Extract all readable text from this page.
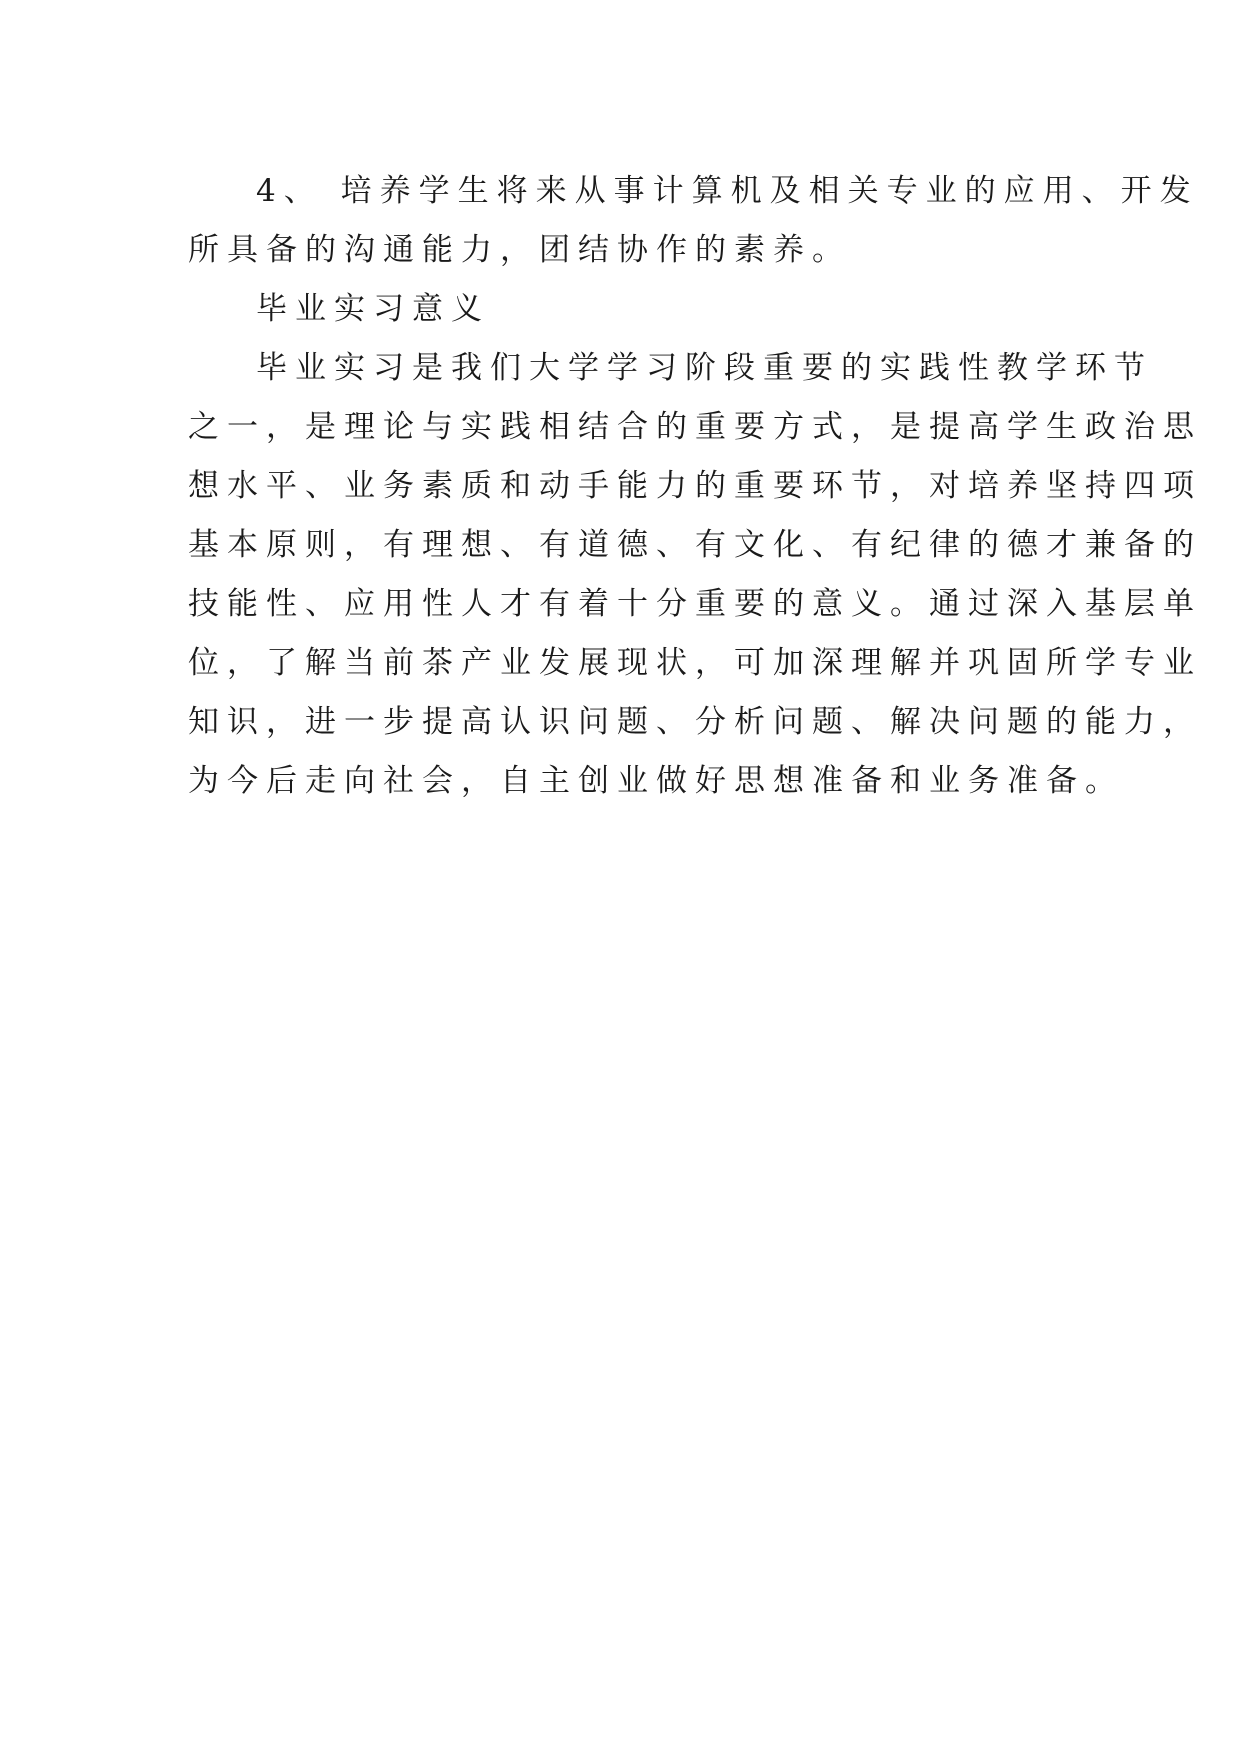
4、 培养学生将来从事计算机及相关专业的应用、开发
所具备的沟通能力，团结协作的素养。

毕业实习意义

毕业实习是我们大学学习阶段重要的实践性教学环节
之一，是理论与实践相结合的重要方式，是提高学生政治思
想水平、业务素质和动手能力的重要环节，对培养坚持四项
基本原则，有理想、有道德、有文化、有纪律的德才兼备的
技能性、应用性人才有着十分重要的意义。通过深入基层单
位，了解当前茶产业发展现状，可加深理解并巩固所学专业
知识，进一步提高认识问题、分析问题、解决问题的能力，
为今后走向社会，自主创业做好思想准备和业务准备。
